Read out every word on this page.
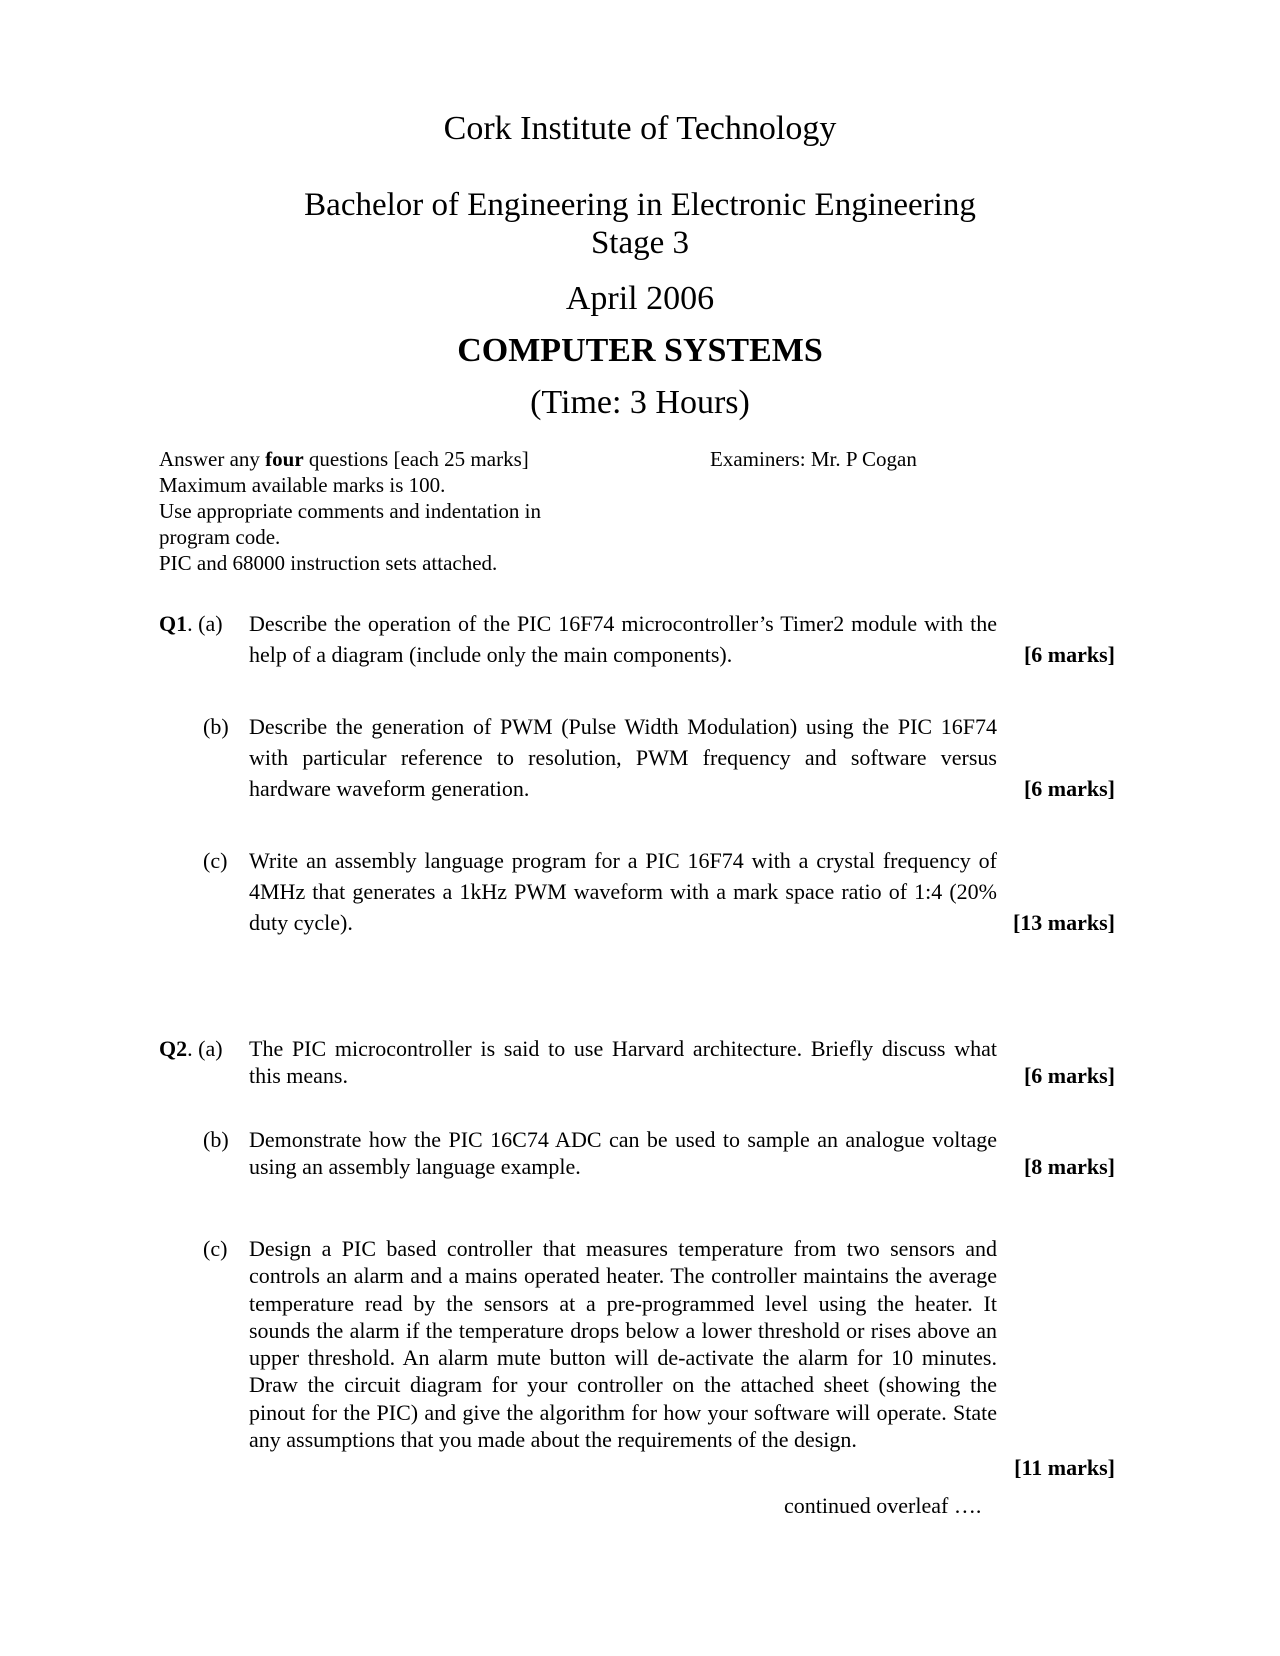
Cork Institute of Technology
Bachelor of Engineering in Electronic Engineering
Stage 3
April 2006
COMPUTER SYSTEMS
(Time: 3 Hours)
Answer any four questions [each 25 marks]
Maximum available marks is 100.
Use appropriate comments and indentation in
program code.
PIC and 68000 instruction sets attached.
Examiners: Mr. P Cogan
Q1. (a) Describe the operation of the PIC 16F74 microcontroller’s Timer2 module with the help of a diagram (include only the main components).	[6 marks]
(b) Describe the generation of PWM (Pulse Width Modulation) using the PIC 16F74 with particular reference to resolution, PWM frequency and software versus hardware waveform generation.	[6 marks]
(c) Write an assembly language program for a PIC 16F74 with a crystal frequency of 4MHz that generates a 1kHz PWM waveform with a mark space ratio of 1:4 (20% duty cycle).	[13 marks]
Q2. (a) The PIC microcontroller is said to use Harvard architecture. Briefly discuss what this means.	[6 marks]
(b) Demonstrate how the PIC 16C74 ADC can be used to sample an analogue voltage using an assembly language example.	[8 marks]
(c) Design a PIC based controller that measures temperature from two sensors and controls an alarm and a mains operated heater. The controller maintains the average temperature read by the sensors at a pre-programmed level using the heater. It sounds the alarm if the temperature drops below a lower threshold or rises above an upper threshold. An alarm mute button will de-activate the alarm for 10 minutes. Draw the circuit diagram for your controller on the attached sheet (showing the pinout for the PIC) and give the algorithm for how your software will operate. State any assumptions that you made about the requirements of the design.
[11 marks]
continued overleaf ….
